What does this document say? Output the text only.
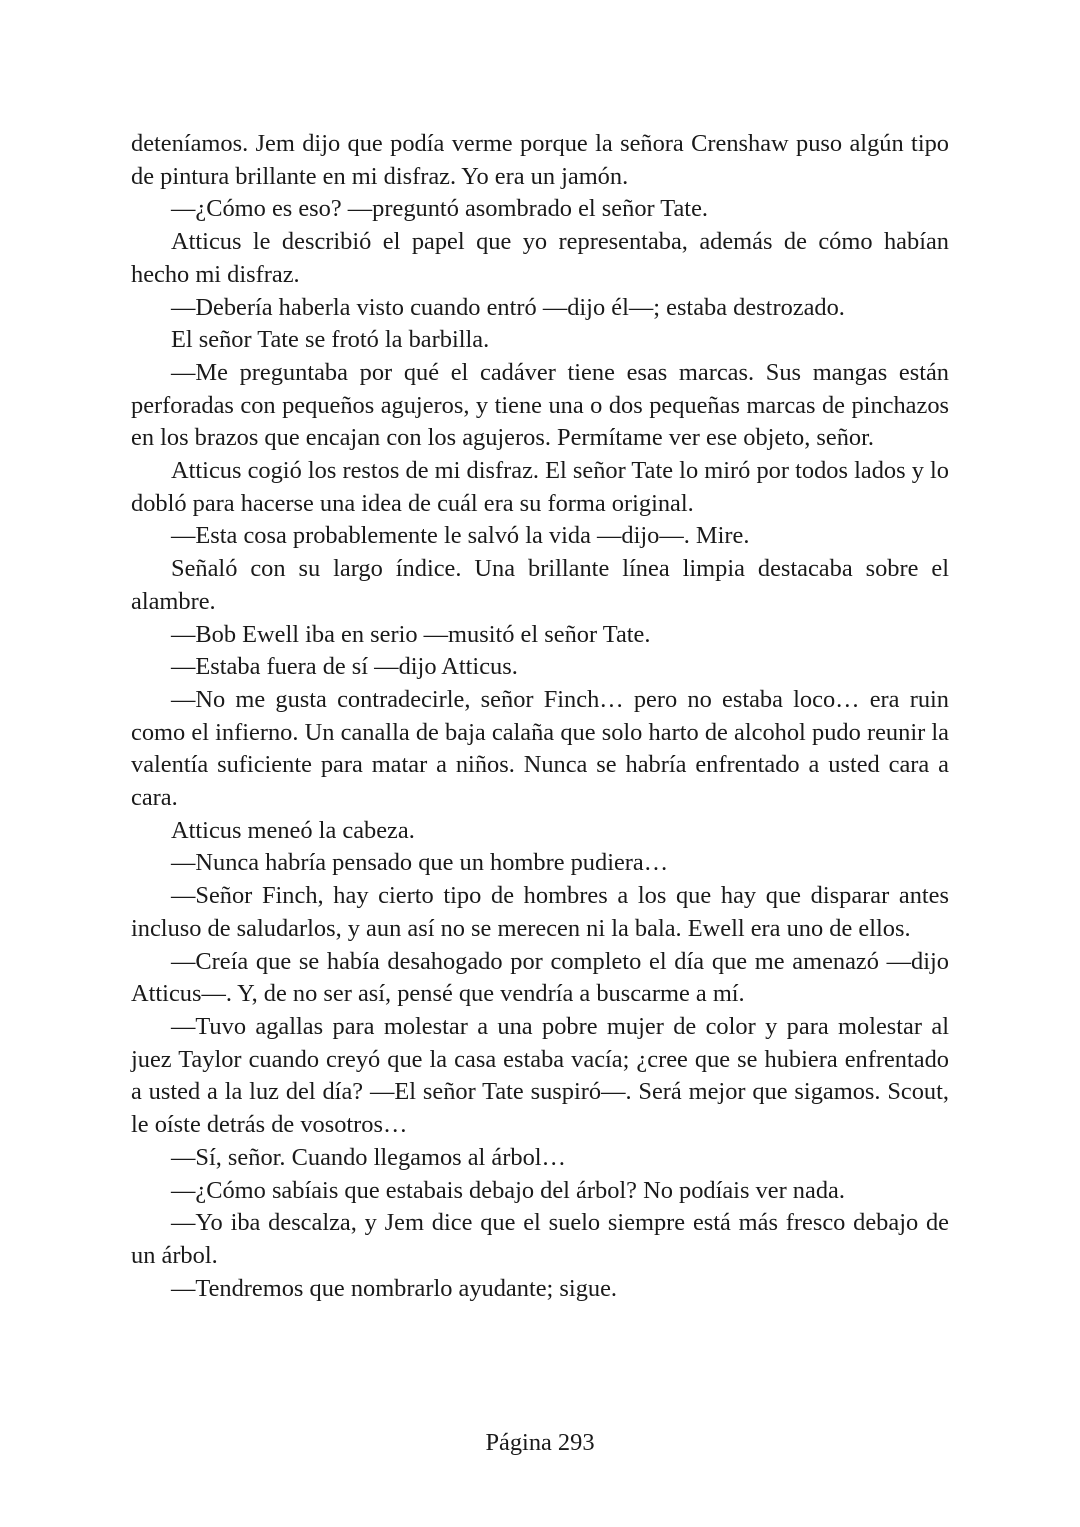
deteníamos. Jem dijo que podía verme porque la señora Crenshaw puso algún tipo de pintura brillante en mi disfraz. Yo era un jamón.

—¿Cómo es eso? —preguntó asombrado el señor Tate.

Atticus le describió el papel que yo representaba, además de cómo habían hecho mi disfraz.

—Debería haberla visto cuando entró —dijo él—; estaba destrozado.

El señor Tate se frotó la barbilla.

—Me preguntaba por qué el cadáver tiene esas marcas. Sus mangas están perforadas con pequeños agujeros, y tiene una o dos pequeñas marcas de pinchazos en los brazos que encajan con los agujeros. Permítame ver ese objeto, señor.

Atticus cogió los restos de mi disfraz. El señor Tate lo miró por todos lados y lo dobló para hacerse una idea de cuál era su forma original.

—Esta cosa probablemente le salvó la vida —dijo—. Mire.

Señaló con su largo índice. Una brillante línea limpia destacaba sobre el alambre.

—Bob Ewell iba en serio —musitó el señor Tate.

—Estaba fuera de sí —dijo Atticus.

—No me gusta contradecirle, señor Finch… pero no estaba loco… era ruin como el infierno. Un canalla de baja calaña que solo harto de alcohol pudo reunir la valentía suficiente para matar a niños. Nunca se habría enfrentado a usted cara a cara.

Atticus meneó la cabeza.

—Nunca habría pensado que un hombre pudiera…

—Señor Finch, hay cierto tipo de hombres a los que hay que disparar antes incluso de saludarlos, y aun así no se merecen ni la bala. Ewell era uno de ellos.

—Creía que se había desahogado por completo el día que me amenazó —dijo Atticus—. Y, de no ser así, pensé que vendría a buscarme a mí.

—Tuvo agallas para molestar a una pobre mujer de color y para molestar al juez Taylor cuando creyó que la casa estaba vacía; ¿cree que se hubiera enfrentado a usted a la luz del día? —El señor Tate suspiró—. Será mejor que sigamos. Scout, le oíste detrás de vosotros…

—Sí, señor. Cuando llegamos al árbol…

—¿Cómo sabíais que estabais debajo del árbol? No podíais ver nada.

—Yo iba descalza, y Jem dice que el suelo siempre está más fresco debajo de un árbol.

—Tendremos que nombrarlo ayudante; sigue.

Página 293
